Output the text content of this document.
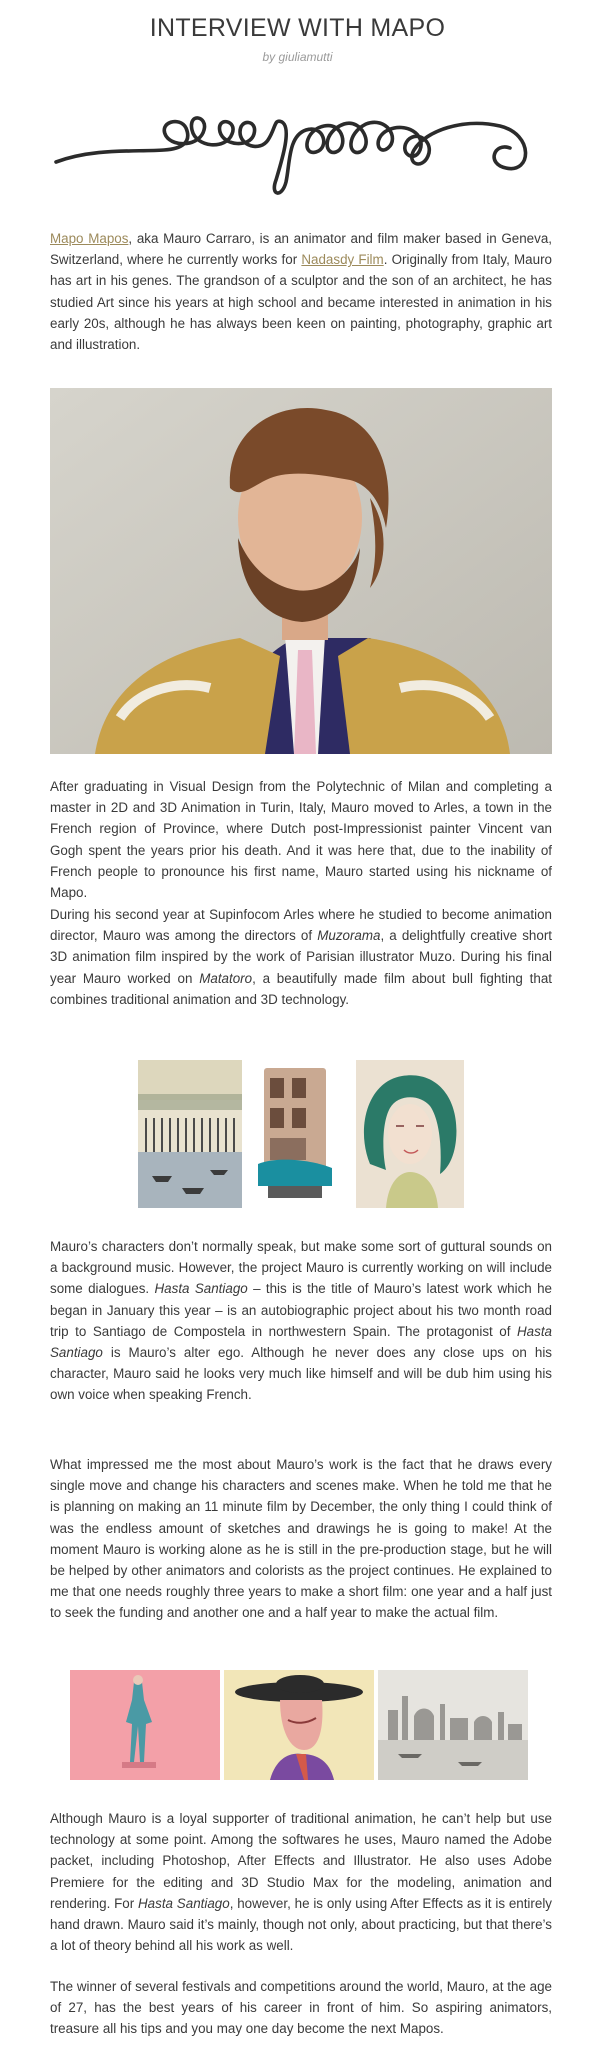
INTERVIEW WITH MAPO
by giuliamutti
Mapo Mapos, aka Mauro Carraro, is an animator and film maker based in Geneva, Switzerland, where he currently works for Nadasdy Film. Originally from Italy, Mauro has art in his genes. The grandson of a sculptor and the son of an architect, he has studied Art since his years at high school and became interested in animation in his early 20s, although he has always been keen on painting, photography, graphic art and illustration.
After graduating in Visual Design from the Polytechnic of Milan and completing a master in 2D and 3D Animation in Turin, Italy, Mauro moved to Arles, a town in the French region of Province, where Dutch post-Impressionist painter Vincent van Gogh spent the years prior his death. And it was here that, due to the inability of French people to pronounce his first name, Mauro started using his nickname of Mapo.
During his second year at Supinfocom Arles where he studied to become animation director, Mauro was among the directors of Muzorama, a delightfully creative short 3D animation film inspired by the work of Parisian illustrator Muzo. During his final year Mauro worked on Matatoro, a beautifully made film about bull fighting that combines traditional animation and 3D technology.
Mauro’s characters don’t normally speak, but make some sort of guttural sounds on a background music. However, the project Mauro is currently working on will include some dialogues. Hasta Santiago – this is the title of Mauro’s latest work which he began in January this year – is an autobiographic project about his two month road trip to Santiago de Compostela in northwestern Spain. The protagonist of Hasta Santiago is Mauro’s alter ego. Although he never does any close ups on his character, Mauro said he looks very much like himself and will be dub him using his own voice when speaking French.
What impressed me the most about Mauro’s work is the fact that he draws every single move and change his characters and scenes make. When he told me that he is planning on making an 11 minute film by December, the only thing I could think of was the endless amount of sketches and drawings he is going to make! At the moment Mauro is working alone as he is still in the pre-production stage, but he will be helped by other animators and colorists as the project continues. He explained to me that one needs roughly three years to make a short film: one year and a half just to seek the funding and another one and a half year to make the actual film.
Although Mauro is a loyal supporter of traditional animation, he can’t help but use technology at some point. Among the softwares he uses, Mauro named the Adobe packet, including Photoshop, After Effects and Illustrator. He also uses Adobe Premiere for the editing and 3D Studio Max for the modeling, animation and rendering. For Hasta Santiago, however, he is only using After Effects as it is entirely hand drawn. Mauro said it’s mainly, though not only, about practicing, but that there’s a lot of theory behind all his work as well.
The winner of several festivals and competitions around the world, Mauro, at the age of 27, has the best years of his career in front of him. So aspiring animators, treasure all his tips and you may one day become the next Mapos.
